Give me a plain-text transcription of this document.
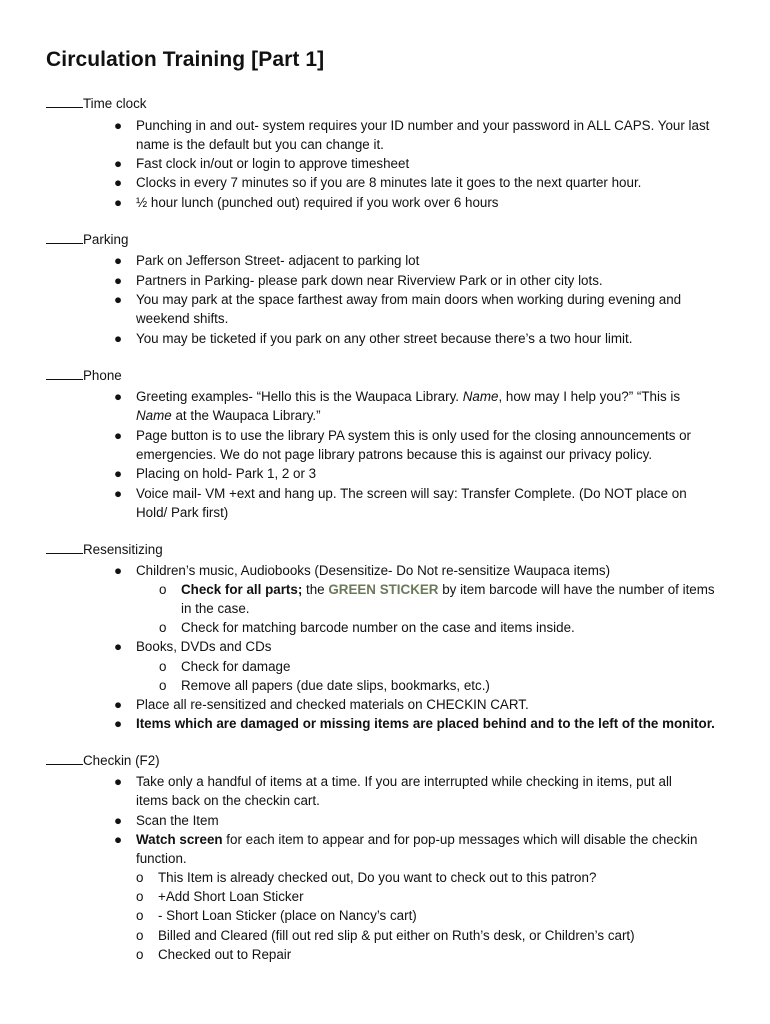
Circulation Training [Part 1]
Time clock
● Punching in and out- system requires your ID number and your password in ALL CAPS. Your last
name is the default but you can change it.
● Fast clock in/out or login to approve timesheet
● Clocks in every 7 minutes so if you are 8 minutes late it goes to the next quarter hour.
● ½ hour lunch (punched out) required if you work over 6 hours
Parking
● Park on Jefferson Street- adjacent to parking lot
● Partners in Parking- please park down near Riverview Park or in other city lots.
● You may park at the space farthest away from main doors when working during evening and
weekend shifts.
● You may be ticketed if you park on any other street because there’s a two hour limit.
Phone
● Greeting examples- “Hello this is the Waupaca Library. Name, how may I help you?” “This is
Name at the Waupaca Library.”
● Page button is to use the library PA system this is only used for the closing announcements or
emergencies. We do not page library patrons because this is against our privacy policy.
● Placing on hold- Park 1, 2 or 3
● Voice mail- VM +ext and hang up. The screen will say: Transfer Complete. (Do NOT place on
Hold/ Park first)
Resensitizing
● Children’s music, Audiobooks (Desensitize- Do Not re-sensitize Waupaca items)
o Check for all parts; the GREEN STICKER by item barcode will have the number of items
in the case.
o Check for matching barcode number on the case and items inside.
● Books, DVDs and CDs
o Check for damage
o Remove all papers (due date slips, bookmarks, etc.)
● Place all re-sensitized and checked materials on CHECKIN CART.
● Items which are damaged or missing items are placed behind and to the left of the monitor.
Checkin (F2)
● Take only a handful of items at a time. If you are interrupted while checking in items, put all
items back on the checkin cart.
● Scan the Item
● Watch screen for each item to appear and for pop-up messages which will disable the checkin
function.
o This Item is already checked out, Do you want to check out to this patron?
o +Add Short Loan Sticker
o - Short Loan Sticker (place on Nancy’s cart)
o Billed and Cleared (fill out red slip & put either on Ruth’s desk, or Children’s cart)
o Checked out to Repair
